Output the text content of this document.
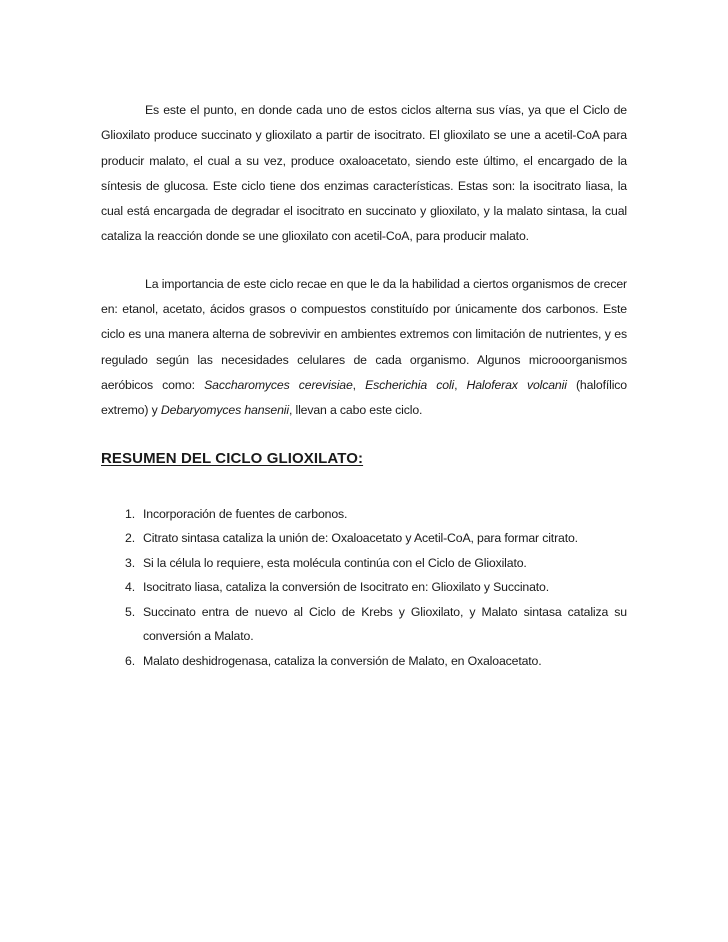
Es este el punto, en donde cada uno de estos ciclos alterna sus vías, ya que el Ciclo de Glioxilato produce succinato y glioxilato a partir de isocitrato. El glioxilato se une a acetil-CoA para producir malato, el cual a su vez, produce oxaloacetato, siendo este último, el encargado de la síntesis de glucosa. Este ciclo tiene dos enzimas características. Estas son: la isocitrato liasa, la cual está encargada de degradar el isocitrato en succinato y glioxilato, y la malato sintasa, la cual cataliza la reacción donde se une glioxilato con acetil-CoA, para producir malato.

La importancia de este ciclo recae en que le da la habilidad a ciertos organismos de crecer en: etanol, acetato, ácidos grasos o compuestos constituído por únicamente dos carbonos. Este ciclo es una manera alterna de sobrevivir en ambientes extremos con limitación de nutrientes, y es regulado según las necesidades celulares de cada organismo. Algunos microoorganismos aeróbicos como: Saccharomyces cerevisiae, Escherichia coli, Haloferax volcanii (halofílico extremo) y Debaryomyces hansenii, llevan a cabo este ciclo.

RESUMEN DEL CICLO GLIOXILATO:
1. Incorporación de fuentes de carbonos.
2. Citrato sintasa cataliza la unión de: Oxaloacetato y Acetil-CoA, para formar citrato.
3. Si la célula lo requiere, esta molécula continúa con el Ciclo de Glioxilato.
4. Isocitrato liasa, cataliza la conversión de Isocitrato en: Glioxilato y Succinato.
5. Succinato entra de nuevo al Ciclo de Krebs y Glioxilato, y Malato sintasa cataliza su conversión a Malato.
6. Malato deshidrogenasa, cataliza la conversión de Malato, en Oxaloacetato.
